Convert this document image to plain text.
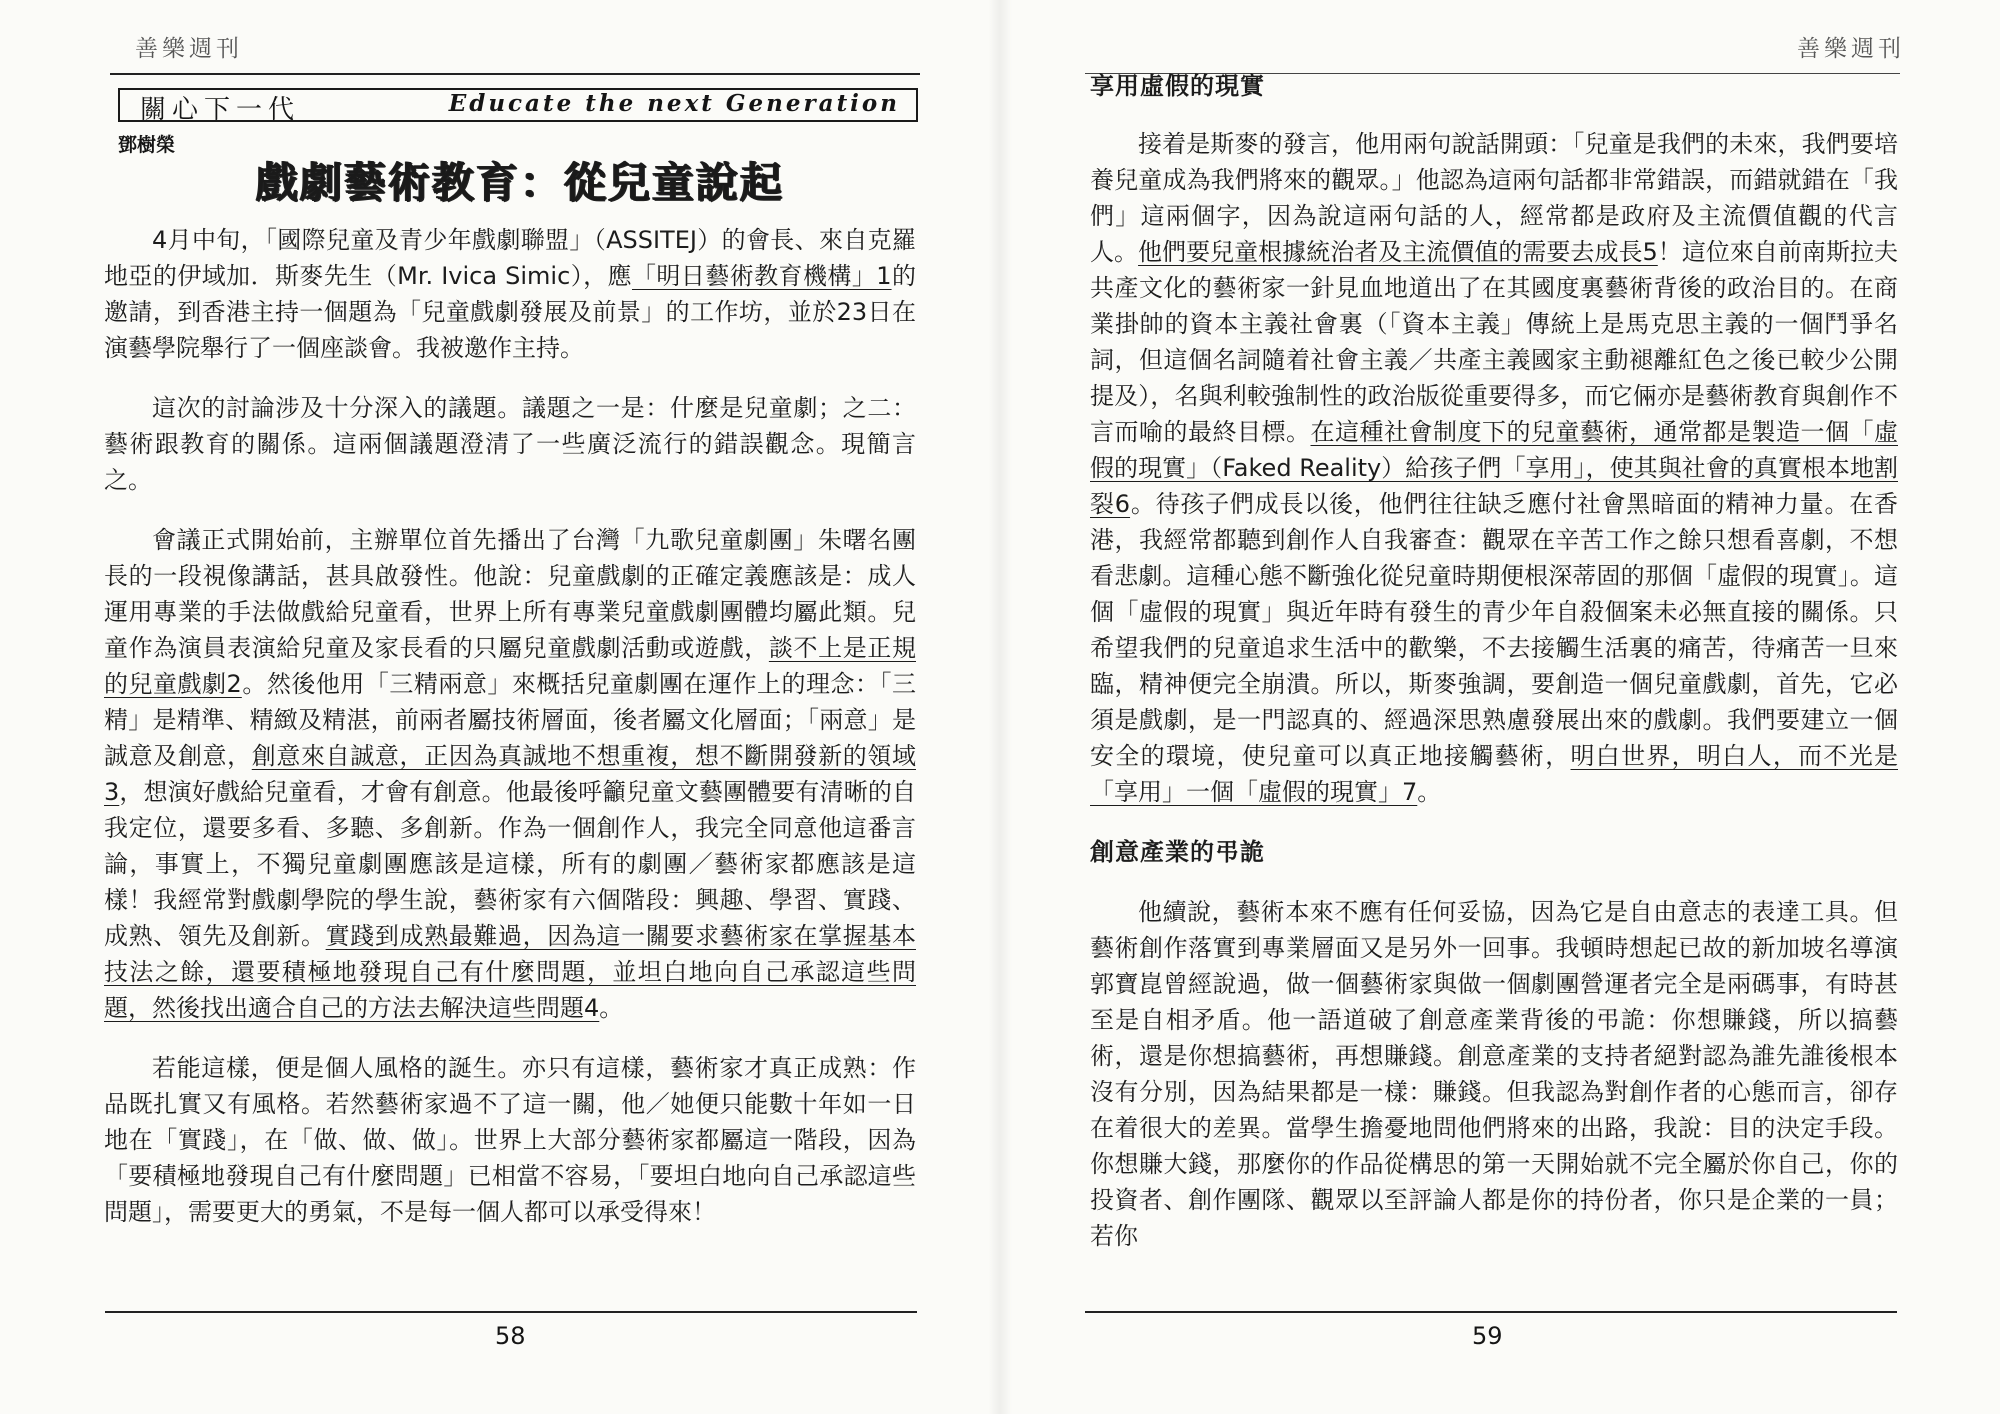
善樂週刊
關心下一代	Educate the next Generation
鄧樹榮
戲劇藝術教育：從兒童說起

4月中旬，「國際兒童及青少年戲劇聯盟」（ASSITEJ）的會長、來自克羅地亞的伊域加．斯麥先生（Mr. Ivica Simic），應「明日藝術教育機構」1的邀請，到香港主持一個題為「兒童戲劇發展及前景」的工作坊，並於23日在演藝學院舉行了一個座談會。我被邀作主持。

這次的討論涉及十分深入的議題。議題之一是：什麼是兒童劇；之二：藝術跟教育的關係。這兩個議題澄清了一些廣泛流行的錯誤觀念。現簡言之。

會議正式開始前，主辦單位首先播出了台灣「九歌兒童劇團」朱曙名團長的一段視像講話，甚具啟發性。他說：兒童戲劇的正確定義應該是：成人運用專業的手法做戲給兒童看，世界上所有專業兒童戲劇團體均屬此類。兒童作為演員表演給兒童及家長看的只屬兒童戲劇活動或遊戲，談不上是正規的兒童戲劇2。然後他用「三精兩意」來概括兒童劇團在運作上的理念：「三精」是精準、精緻及精湛，前兩者屬技術層面，後者屬文化層面；「兩意」是誠意及創意，創意來自誠意，正因為真誠地不想重複，想不斷開發新的領域3，想演好戲給兒童看，才會有創意。他最後呼籲兒童文藝團體要有清晰的自我定位，還要多看、多聽、多創新。作為一個創作人，我完全同意他這番言論，事實上，不獨兒童劇團應該是這樣，所有的劇團／藝術家都應該是這樣！我經常對戲劇學院的學生說，藝術家有六個階段：興趣、學習、實踐、成熟、領先及創新。實踐到成熟最難過，因為這一關要求藝術家在掌握基本技法之餘，還要積極地發現自己有什麼問題，並坦白地向自己承認這些問題，然後找出適合自己的方法去解決這些問題4。

若能這樣，便是個人風格的誕生。亦只有這樣，藝術家才真正成熟：作品既扎實又有風格。若然藝術家過不了這一關，他／她便只能數十年如一日地在「實踐」，在「做、做、做」。世界上大部分藝術家都屬這一階段，因為「要積極地發現自己有什麼問題」已相當不容易，「要坦白地向自己承認這些問題」，需要更大的勇氣，不是每一個人都可以承受得來！

58
善樂週刊
享用虛假的現實

接着是斯麥的發言，他用兩句說話開頭：「兒童是我們的未來，我們要培養兒童成為我們將來的觀眾。」他認為這兩句話都非常錯誤，而錯就錯在「我們」這兩個字，因為說這兩句話的人，經常都是政府及主流價值觀的代言人。他們要兒童根據統治者及主流價值的需要去成長5！這位來自前南斯拉夫共產文化的藝術家一針見血地道出了在其國度裏藝術背後的政治目的。在商業掛帥的資本主義社會裏（「資本主義」傳統上是馬克思主義的一個鬥爭名詞，但這個名詞隨着社會主義／共產主義國家主動褪離紅色之後已較少公開提及），名與利較強制性的政治版從重要得多，而它倆亦是藝術教育與創作不言而喻的最終目標。在這種社會制度下的兒童藝術，通常都是製造一個「虛假的現實」（Faked Reality）給孩子們「享用」，使其與社會的真實根本地割裂6。待孩子們成長以後，他們往往缺乏應付社會黑暗面的精神力量。在香港，我經常都聽到創作人自我審查：觀眾在辛苦工作之餘只想看喜劇，不想看悲劇。這種心態不斷強化從兒童時期便根深蒂固的那個「虛假的現實」。這個「虛假的現實」與近年時有發生的青少年自殺個案未必無直接的關係。只希望我們的兒童追求生活中的歡樂，不去接觸生活裏的痛苦，待痛苦一旦來臨，精神便完全崩潰。所以，斯麥強調，要創造一個兒童戲劇，首先，它必須是戲劇，是一門認真的、經過深思熟慮發展出來的戲劇。我們要建立一個安全的環境，使兒童可以真正地接觸藝術，明白世界，明白人，而不光是「享用」一個「虛假的現實」7。

創意產業的弔詭

他續說，藝術本來不應有任何妥協，因為它是自由意志的表達工具。但藝術創作落實到專業層面又是另外一回事。我頓時想起已故的新加坡名導演郭寶崑曾經說過，做一個藝術家與做一個劇團營運者完全是兩碼事，有時甚至是自相矛盾。他一語道破了創意產業背後的弔詭：你想賺錢，所以搞藝術，還是你想搞藝術，再想賺錢。創意產業的支持者絕對認為誰先誰後根本沒有分別，因為結果都是一樣：賺錢。但我認為對創作者的心態而言，卻存在着很大的差異。當學生擔憂地問他們將來的出路，我說：目的決定手段。你想賺大錢，那麼你的作品從構思的第一天開始就不完全屬於你自己，你的投資者、創作團隊、觀眾以至評論人都是你的持份者，你只是企業的一員；若你

59
